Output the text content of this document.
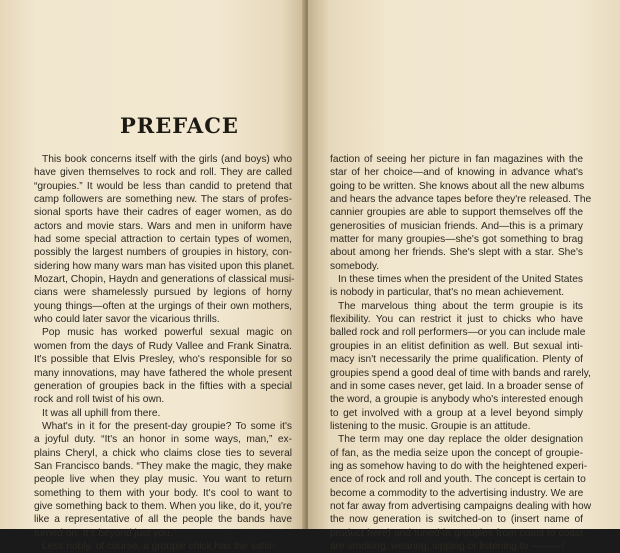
PREFACE

This book concerns itself with the girls (and boys) who
have given themselves to rock and roll. They are called
“groupies.” It would be less than candid to pretend that
camp followers are something new. The stars of profes-
sional sports have their cadres of eager women, as do
actors and movie stars. Wars and men in uniform have
had some special attraction to certain types of women,
possibly the largest numbers of groupies in history, con-
sidering how many wars man has visited upon this planet.
Mozart, Chopin, Haydn and generations of classical musi-
cians were shamelessly pursued by legions of horny
young things—often at the urgings of their own mothers,
who could later savor the vicarious thrills.

Pop music has worked powerful sexual magic on
women from the days of Rudy Vallee and Frank Sinatra.
It's possible that Elvis Presley, who's responsible for so
many innovations, may have fathered the whole present
generation of groupies back in the fifties with a special
rock and roll twist of his own.

It was all uphill from there.

What's in it for the present-day groupie? To some it's
a joyful duty. “It's an honor in some ways, man,” ex-
plains Cheryl, a chick who claims close ties to several
San Francisco bands. “They make the magic, they make
people live when they play music. You want to return
something to them with your body. It's cool to want to
give something back to them. When you like, do it, you're
like a representative of all the people the bands have
turned on. It's beyond just you.”

Less nobly, of course, a groupie chick has the satis-

faction of seeing her picture in fan magazines with the
star of her choice—and of knowing in advance what's
going to be written. She knows about all the new albums
and hears the advance tapes before they're released. The
cannier groupies are able to support themselves off the
generosities of musician friends. And—this is a primary
matter for many groupies—she's got something to brag
about among her friends. She's slept with a star. She's
somebody.

In these times when the president of the United States
is nobody in particular, that's no mean achievement.

The marvelous thing about the term groupie is its
flexibility. You can restrict it just to chicks who have
balled rock and roll performers—or you can include male
groupies in an elitist definition as well. But sexual inti-
macy isn't necessarily the prime qualification. Plenty of
groupies spend a good deal of time with bands and rarely,
and in some cases never, get laid. In a broader sense of
the word, a groupie is anybody who's interested enough
to get involved with a group at a level beyond simply
listening to the music. Groupie is an attitude.

The term may one day replace the older designation
of fan, as the media seize upon the concept of groupie-
ing as somehow having to do with the heightened experi-
ence of rock and roll and youth. The concept is certain to
become a commodity to the advertising industry. We are
not far away from advertising campaigns dealing with how
the now generation is switched-on to (insert name of
product here) and tuned-in groupies from coast to coast
are smoking, wearing, sipping or listening to ———!
